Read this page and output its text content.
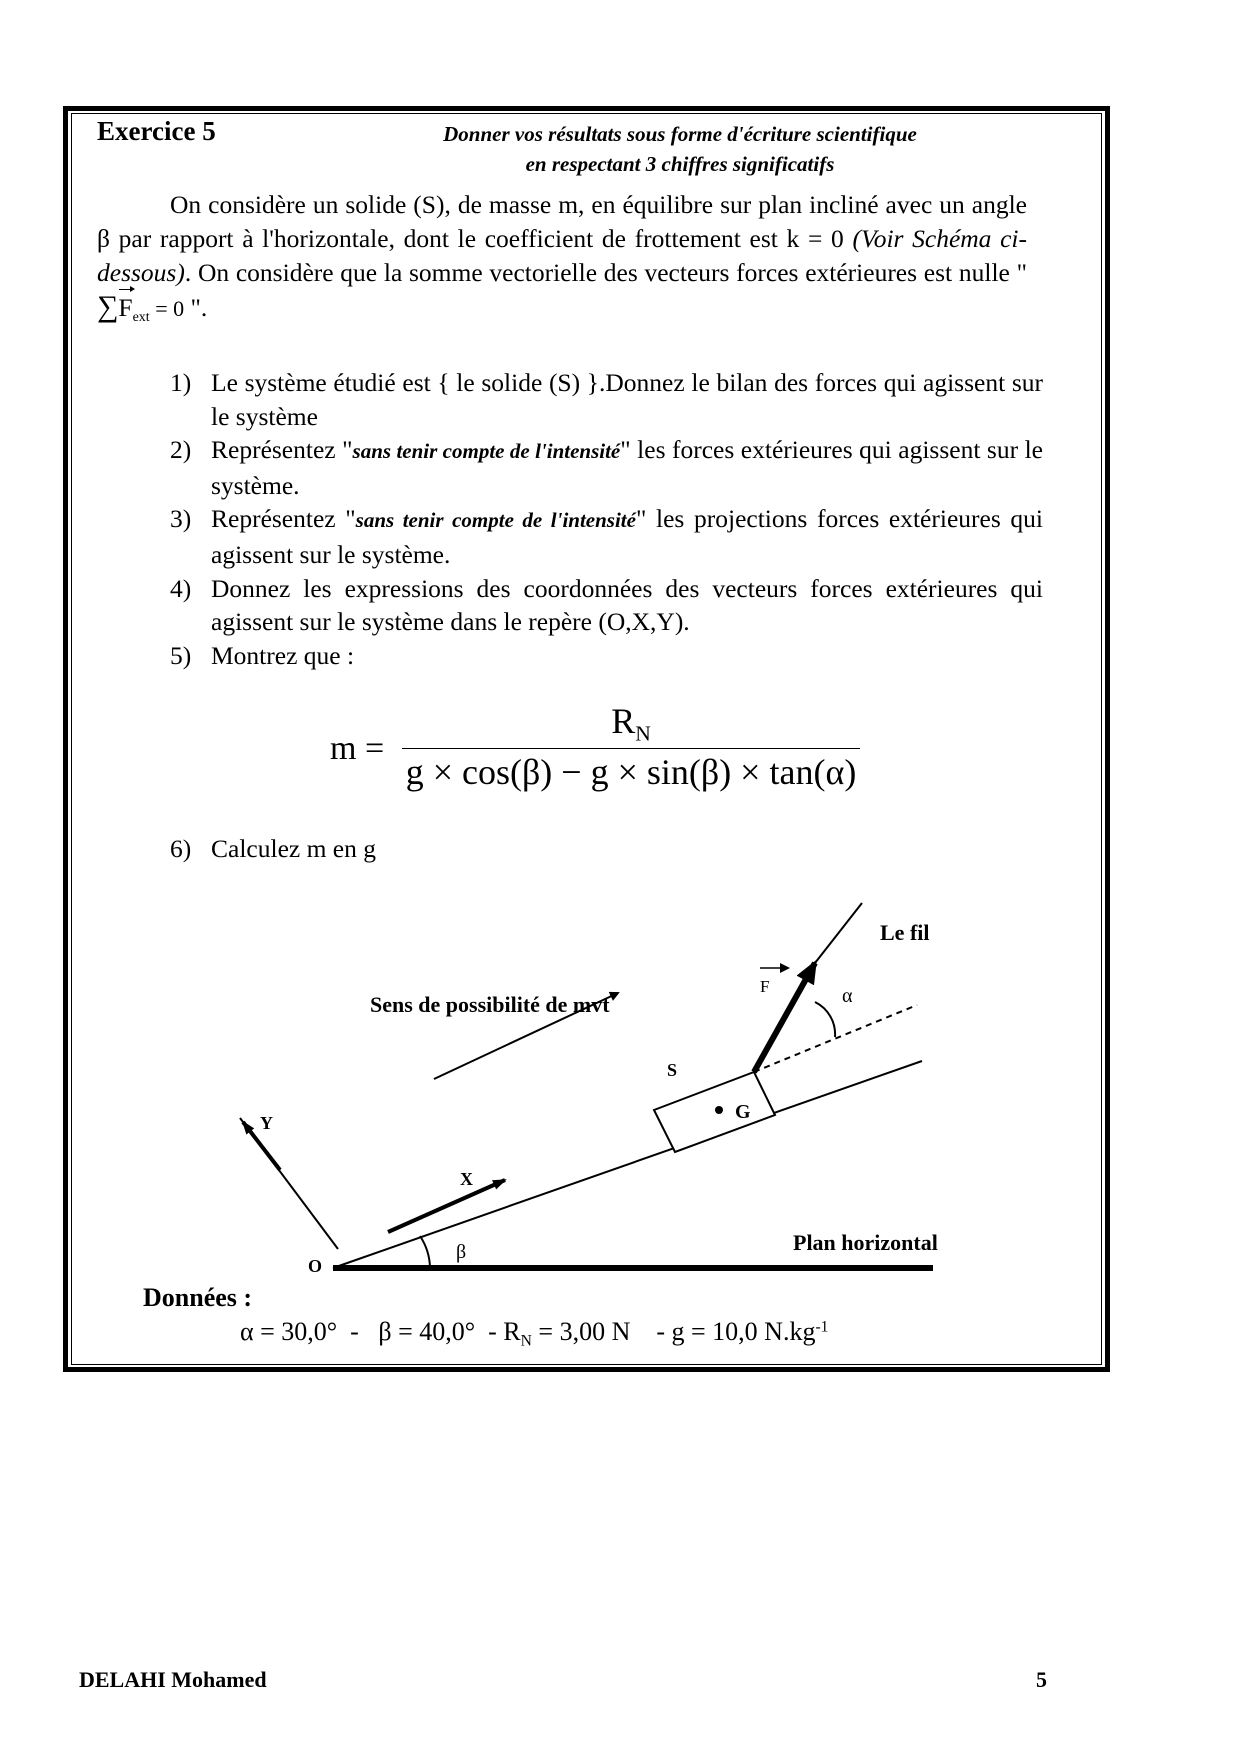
Exercice 5	Donner vos résultats sous forme d'écriture scientifique
en respectant 3 chiffres significatifs
On considère un solide (S), de masse m, en équilibre sur plan incliné avec un angle β par rapport à l'horizontale, dont le coefficient de frottement est k = 0 (Voir Schéma ci-dessous). On considère que la somme vectorielle des vecteurs forces extérieures est nulle " $\sum F_{ext} = 0$ ".
1) Le système étudié est { le solide (S) }.Donnez le bilan des forces qui agissent sur le système
2) Représentez "sans tenir compte de l'intensité" les forces extérieures qui agissent sur le système.
3) Représentez "sans tenir compte de l'intensité" les projections forces extérieures qui agissent sur le système.
4) Donnez les expressions des coordonnées des vecteurs forces extérieures qui agissent sur le système dans le repère (O,X,Y).
5) Montrez que :
m =
$R_N$
g × cos(β) − g × sin(β) × tan(α)
6) Calculez m en g
Le fil
F	α
Sens de possibilité de mvt
S
G
Y
X
O
β	Plan horizontal
Données :
$\alpha = 30,0^\circ - \beta = 40,0^\circ - R_N = 3,00$ N    - g = 10,0 $N.kg^{-1}$
DELAHI Mohamed	5
